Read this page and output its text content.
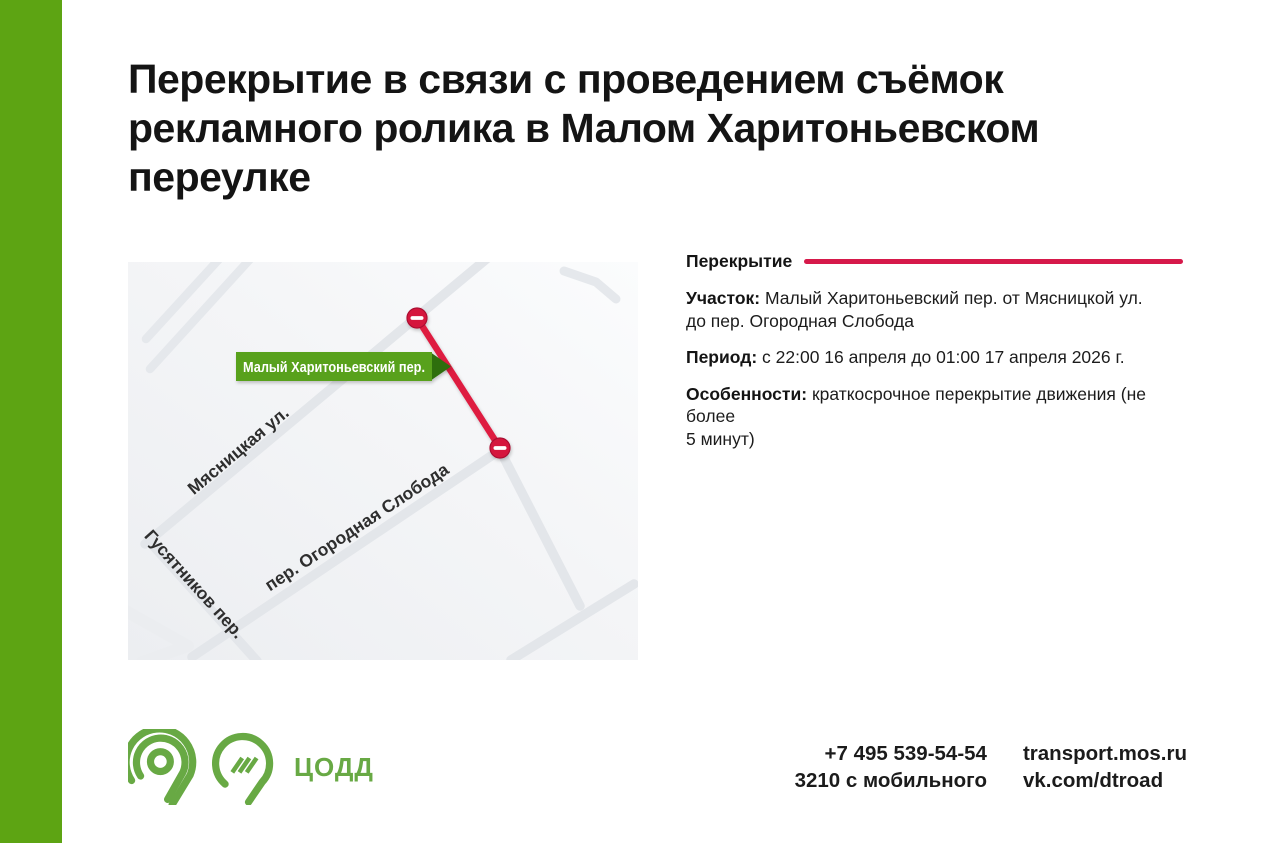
Перекрытие в связи с проведением съёмок
рекламного ролика в Малом Харитоньевском
переулке
Мясницкая ул.
Гусятников пер. пер. Огородная Слобода
Малый Харитоньевский пер.
Перекрытие

Участок: Малый Харитоньевский пер. от Мясницкой ул.
до пер. Огородная Слобода

Период: с 22:00 16 апреля до 01:00 17 апреля 2026 г.

Особенности: краткосрочное перекрытие движения (не более
5 минут)

ЦОДД	+7 495 539-54-54
3210 с мобильного
transport.mos.ru
vk.com/dtroad
